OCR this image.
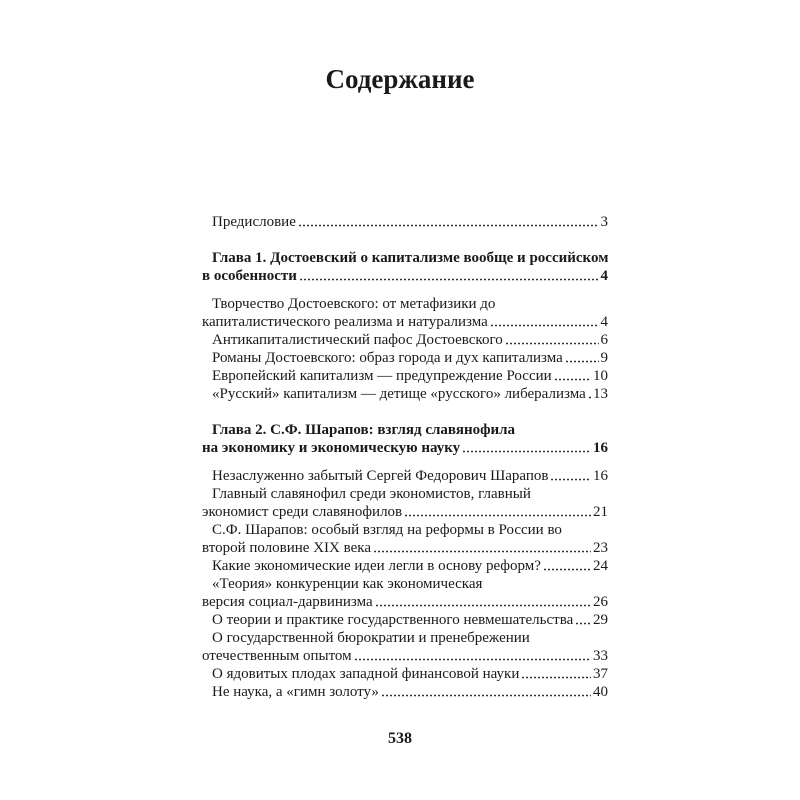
Содержание
Предисловие	3
Глава 1. Достоевский о капитализме вообще и российском
в особенности	4
Творчество Достоевского: от метафизики до
капиталистического реализма и натурализма	4
Антикапиталистический пафос Достоевского	6
Романы Достоевского: образ города и дух капитализма	9
Европейский капитализм — предупреждение России	10
«Русский» капитализм — детище «русского» либерализма 13
Глава 2. С.Ф. Шарапов: взгляд славянофила
на экономику и экономическую науку	16
Незаслуженно забытый Сергей Федорович Шарапов	16
Главный славянофил среди экономистов, главный
экономист среди славянофилов	21
С.Ф. Шарапов: особый взгляд на реформы в России во
второй половине XIX века	23
Какие экономические идеи легли в основу реформ?	24
«Теория» конкуренции как экономическая
версия социал-дарвинизма	26
О теории и практике государственного невмешательства 29
О государственной бюрократии и пренебрежении
отечественным опытом	33
О ядовитых плодах западной финансовой науки	37
Не наука, а «гимн золоту»	40
538
